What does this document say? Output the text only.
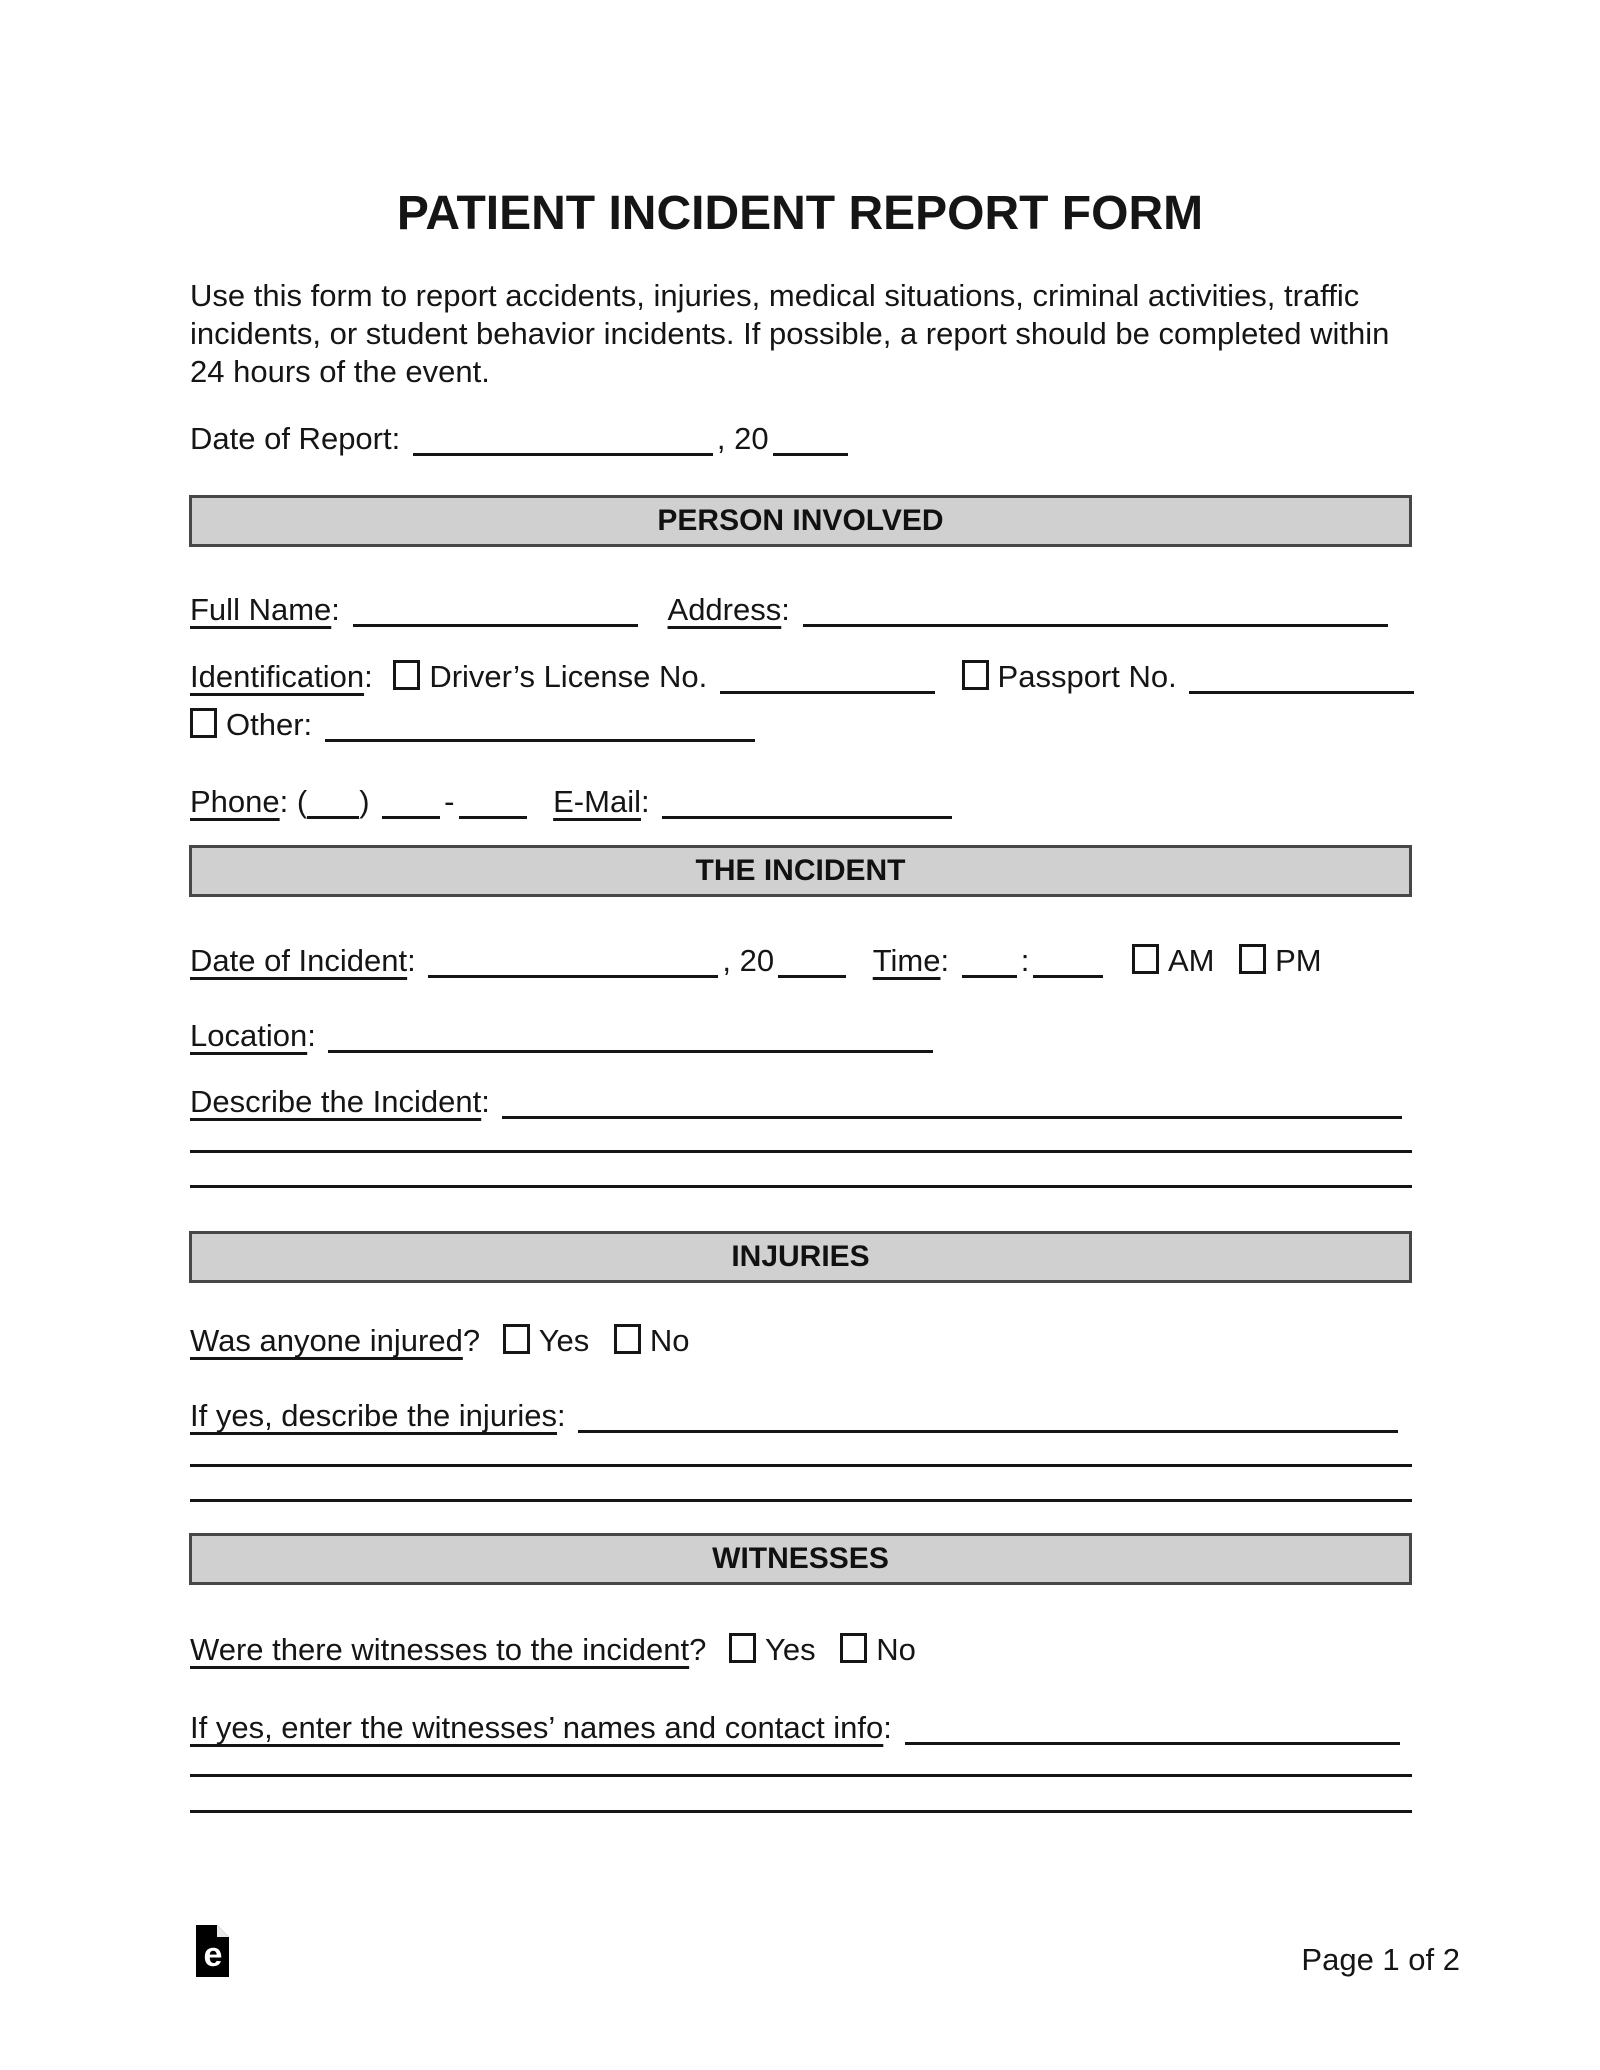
PATIENT INCIDENT REPORT FORM
Use this form to report accidents, injuries, medical situations, criminal activities, traffic
incidents, or student behavior incidents. If possible, a report should be completed within
24 hours of the event.
Date of Report:	, 20
PERSON INVOLVED
Full Name:	Address:
Identification: Driver’s License No.	Passport No.
Other:
Phone: ( ) -	E-Mail:
THE INCIDENT
Date of Incident:	, 20	Time: :	AM PM
Location:
Describe the Incident:
INJURIES
Was anyone injured? Yes No
If yes, describe the injuries:
WITNESSES
Were there witnesses to the incident? Yes No
If yes, enter the witnesses’ names and contact info:
e	Page 1 of 2
